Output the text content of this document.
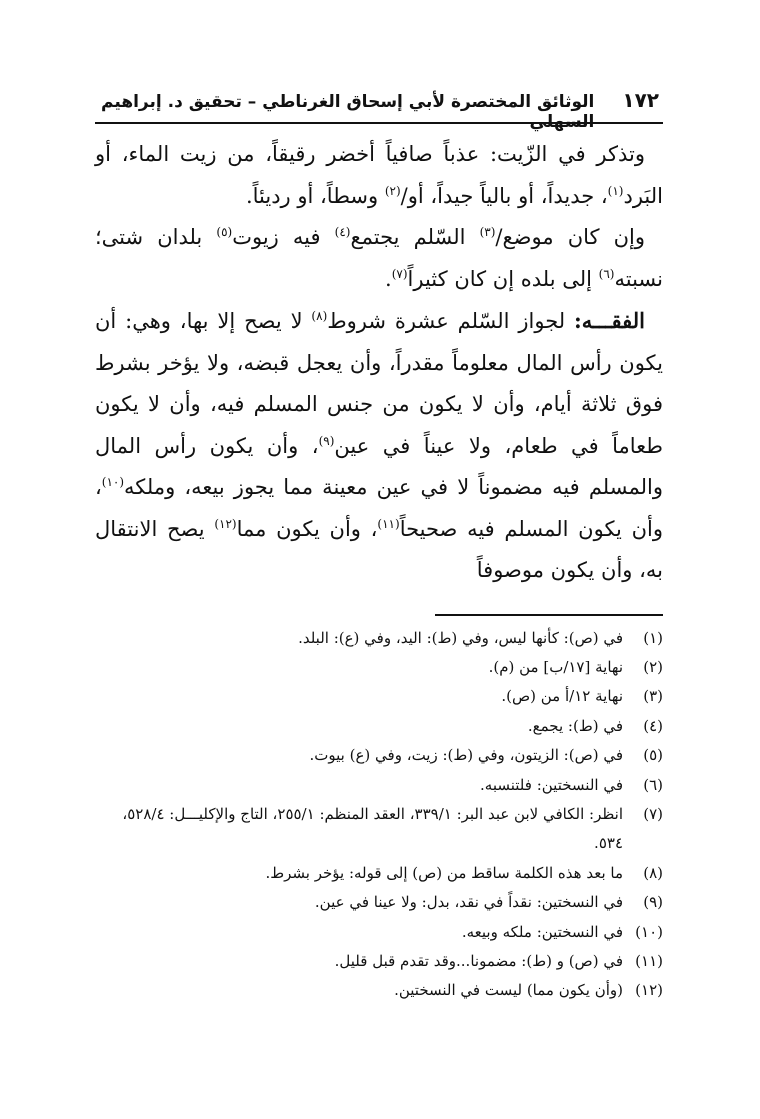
١٧٢
الوثائق المختصرة لأبي إسحاق الغرناطي – تحقيق د. إبراهيم السهلي

وتذكر في الزّيت: عذباً صافياً أخضر رقيقاً، من زيت الماء، أو البَرد$^{(١)}$، جديداً، أو بالياً جيداً، أو/$^{(٢)}$ وسطاً، أو رديئاً.

وإن كان موضع/$^{(٣)}$ السّلم يجتمع$^{(٤)}$ فيه زيوت$^{(٥)}$ بلدان شتى؛ نسبته$^{(٦)}$ إلى بلده إن كان كثيراً$^{(٧)}$.

الفقـــه: لجواز السّلم عشرة شروط$^{(٨)}$ لا يصح إلا بها، وهي: أن يكون رأس المال معلوماً مقدراً، وأن يعجل قبضه، ولا يؤخر بشرط فوق ثلاثة أيام، وأن لا يكون من جنس المسلم فيه، وأن لا يكون طعاماً في طعام، ولا عيناً في عين$^{(٩)}$، وأن يكون رأس المال والمسلم فيه مضموناً لا في عين معينة مما يجوز بيعه، وملكه$^{(١٠)}$، وأن يكون المسلم فيه صحيحاً$^{(١١)}$، وأن يكون مما$^{(١٢)}$ يصح الانتقال به، وأن يكون موصوفاً

(١)
في (ص): كأنها ليس، وفي (ط): اليد، وفي (ع): البلد.
(٢)
نهاية [١٧/ب] من (م).
(٣)
نهاية ١٢/أ من (ص).
(٤)
في (ط): يجمع.
(٥)
في (ص): الزيتون، وفي (ط): زيت، وفي (ع) بيوت.
(٦)
في النسختين: فلتنسبه.
(٧)
انظر: الكافي لابن عبد البر: ٣٣٩/١، العقد المنظم: ٢٥٥/١، التاج والإكليـــل: ٥٢٨/٤، ٥٣٤.
(٨)
ما بعد هذه الكلمة ساقط من (ص) إلى قوله: يؤخر بشرط.
(٩)
في النسختين: نقداً في نقد، بدل: ولا عينا في عين.
(١٠)
في النسختين: ملكه وبيعه.
(١١)
في (ص) و (ط): مضمونا...وقد تقدم قبل قليل.
(١٢)
(وأن يكون مما) ليست في النسختين.
